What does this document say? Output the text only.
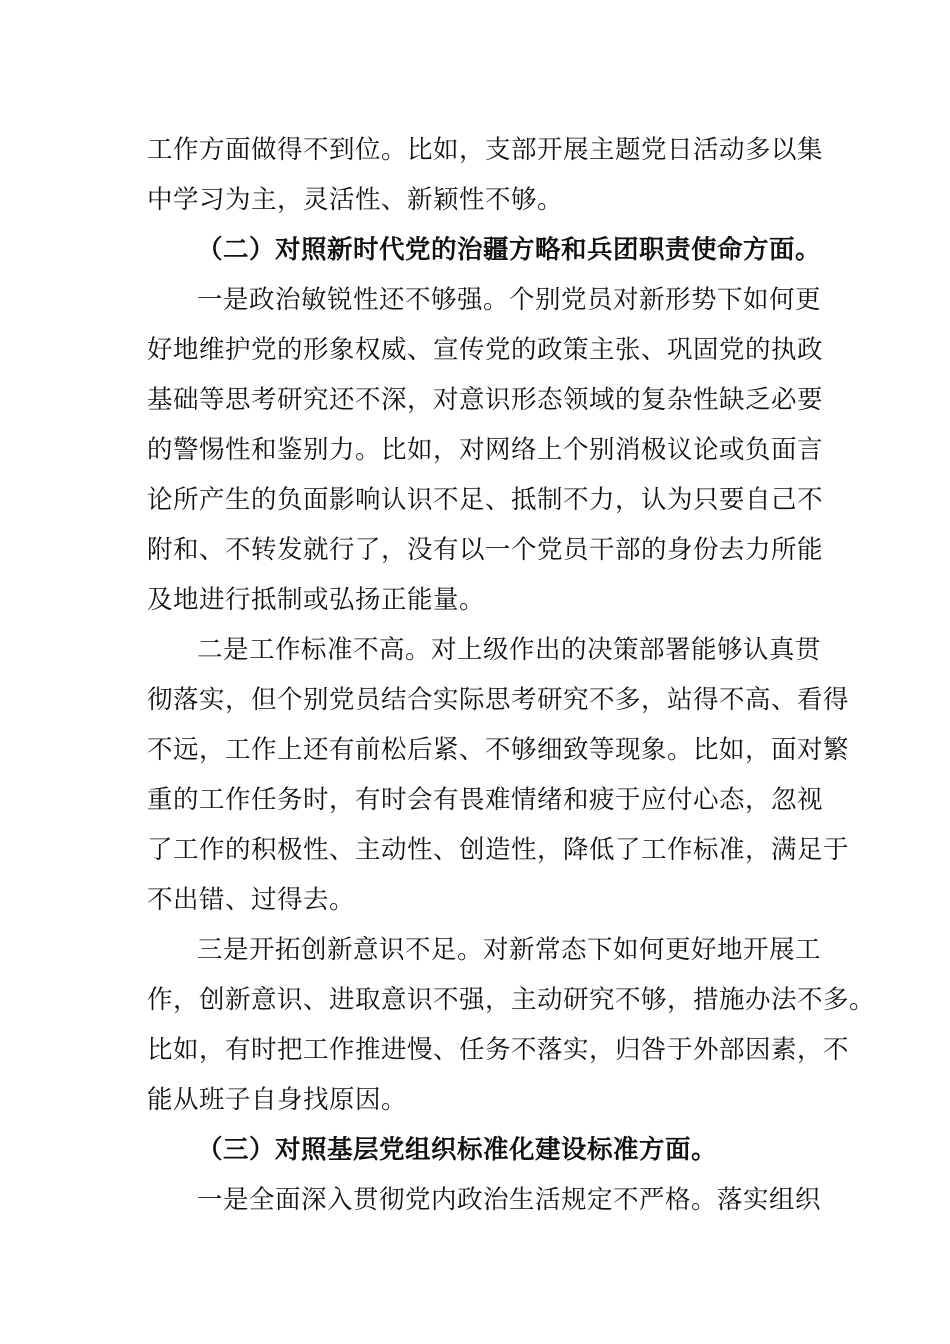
工作方面做得不到位。比如，支部开展主题党日活动多以集
中学习为主，灵活性、新颖性不够。
（二）对照新时代党的治疆方略和兵团职责使命方面。
一是政治敏锐性还不够强。个别党员对新形势下如何更
好地维护党的形象权威、宣传党的政策主张、巩固党的执政
基础等思考研究还不深，对意识形态领域的复杂性缺乏必要
的警惕性和鉴别力。比如，对网络上个别消极议论或负面言
论所产生的负面影响认识不足、抵制不力，认为只要自己不
附和、不转发就行了，没有以一个党员干部的身份去力所能
及地进行抵制或弘扬正能量。
二是工作标准不高。对上级作出的决策部署能够认真贯
彻落实，但个别党员结合实际思考研究不多，站得不高、看得
不远，工作上还有前松后紧、不够细致等现象。比如，面对繁
重的工作任务时，有时会有畏难情绪和疲于应付心态，忽视
了工作的积极性、主动性、创造性，降低了工作标准，满足于
不出错、过得去。
三是开拓创新意识不足。对新常态下如何更好地开展工
作，创新意识、进取意识不强，主动研究不够，措施办法不多。
比如，有时把工作推进慢、任务不落实，归咎于外部因素，不
能从班子自身找原因。
（三）对照基层党组织标准化建设标准方面。
一是全面深入贯彻党内政治生活规定不严格。落实组织
